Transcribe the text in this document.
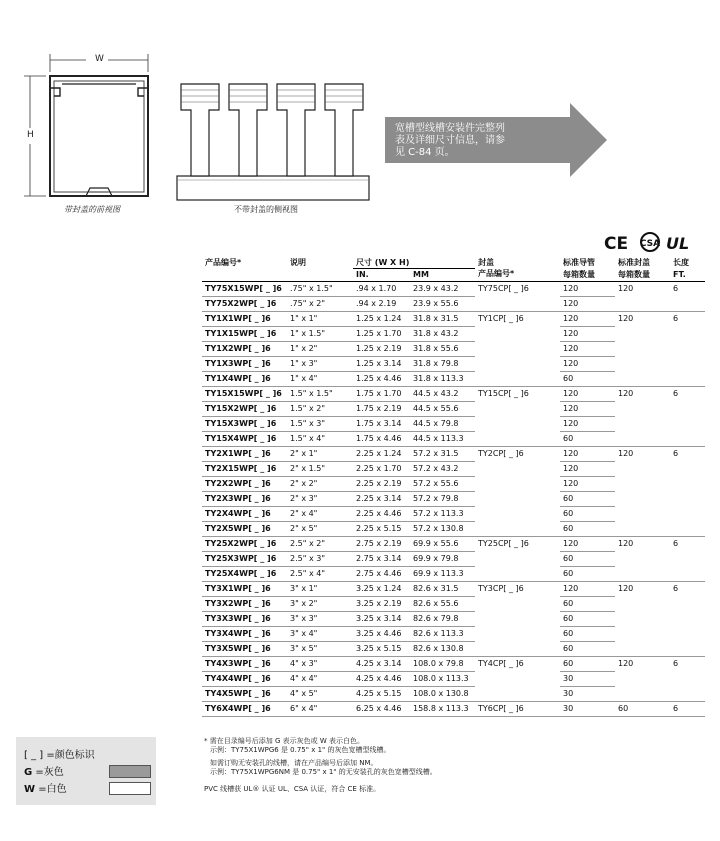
W
H
带封盖的前视图	不带封盖的侧视图
宽槽型线槽安装件完整列
表及详细尺寸信息，请参
见 C-84 页。
CE CSA UL
产品编号*	说明	尺寸 (W X H)		封盖	标准导管	标准封盖	长度
		IN.	MM	产品编号*	每箱数量	每箱数量	FT.
TY75X15WP[ _ ]6	.75" x 1.5"	.94 x 1.70	23.9 x 43.2	TY75CP[ _ ]6	120	120	6
TY75X2WP[ _ ]6	.75" x 2"	.94 x 2.19	23.9 x 55.6		120		
TY1X1WP[ _ ]6	1" x 1"	1.25 x 1.24	31.8 x 31.5	TY1CP[ _ ]6	120	120	6
TY1X15WP[ _ ]6	1" x 1.5"	1.25 x 1.70	31.8 x 43.2		120		
TY1X2WP[ _ ]6	1" x 2"	1.25 x 2.19	31.8 x 55.6		120		
TY1X3WP[ _ ]6	1" x 3"	1.25 x 3.14	31.8 x 79.8		120		
TY1X4WP[ _ ]6	1" x 4"	1.25 x 4.46	31.8 x 113.3		60		
TY15X15WP[ _ ]6	1.5" x 1.5"	1.75 x 1.70	44.5 x 43.2	TY15CP[ _ ]6	120	120	6
TY15X2WP[ _ ]6	1.5" x 2"	1.75 x 2.19	44.5 x 55.6		120		
TY15X3WP[ _ ]6	1.5" x 3"	1.75 x 3.14	44.5 x 79.8		120		
TY15X4WP[ _ ]6	1.5" x 4"	1.75 x 4.46	44.5 x 113.3		60		
TY2X1WP[ _ ]6	2" x 1"	2.25 x 1.24	57.2 x 31.5	TY2CP[ _ ]6	120	120	6
TY2X15WP[ _ ]6	2" x 1.5"	2.25 x 1.70	57.2 x 43.2		120		
TY2X2WP[ _ ]6	2" x 2"	2.25 x 2.19	57.2 x 55.6		120		
TY2X3WP[ _ ]6	2" x 3"	2.25 x 3.14	57.2 x 79.8		60		
TY2X4WP[ _ ]6	2" x 4"	2.25 x 4.46	57.2 x 113.3		60		
TY2X5WP[ _ ]6	2" x 5"	2.25 x 5.15	57.2 x 130.8		60		
TY25X2WP[ _ ]6	2.5" x 2"	2.75 x 2.19	69.9 x 55.6	TY25CP[ _ ]6	120	120	6
TY25X3WP[ _ ]6	2.5" x 3"	2.75 x 3.14	69.9 x 79.8		60		
TY25X4WP[ _ ]6	2.5" x 4"	2.75 x 4.46	69.9 x 113.3		60		
TY3X1WP[ _ ]6	3" x 1"	3.25 x 1.24	82.6 x 31.5	TY3CP[ _ ]6	120	120	6
TY3X2WP[ _ ]6	3" x 2"	3.25 x 2.19	82.6 x 55.6		60		
TY3X3WP[ _ ]6	3" x 3"	3.25 x 3.14	82.6 x 79.8		60		
TY3X4WP[ _ ]6	3" x 4"	3.25 x 4.46	82.6 x 113.3		60		
TY3X5WP[ _ ]6	3" x 5"	3.25 x 5.15	82.6 x 130.8		60		
TY4X3WP[ _ ]6	4" x 3"	4.25 x 3.14	108.0 x 79.8	TY4CP[ _ ]6	60	120	6
TY4X4WP[ _ ]6	4" x 4"	4.25 x 4.46	108.0 x 113.3		30		
TY4X5WP[ _ ]6	4" x 5"	4.25 x 5.15	108.0 x 130.8		30		
TY6X4WP[ _ ]6	6" x 4"	6.25 x 4.46	158.8 x 113.3	TY6CP[ _ ]6	30	60	6
[ _ ] =颜色标识
G =灰色
W =白色
* 需在目录编号后添加 G 表示灰色或 W 表示白色。
示例：TY75X1WPG6 是 0.75" x 1" 的灰色宽槽型线槽。
如需订购无安装孔的线槽，请在产品编号后添加 NM。
示例：TY75X1WPG6NM 是 0.75" x 1" 的无安装孔的灰色宽槽型线槽。
PVC 线槽获 UL® 认证 UL、CSA 认证，符合 CE 标准。
